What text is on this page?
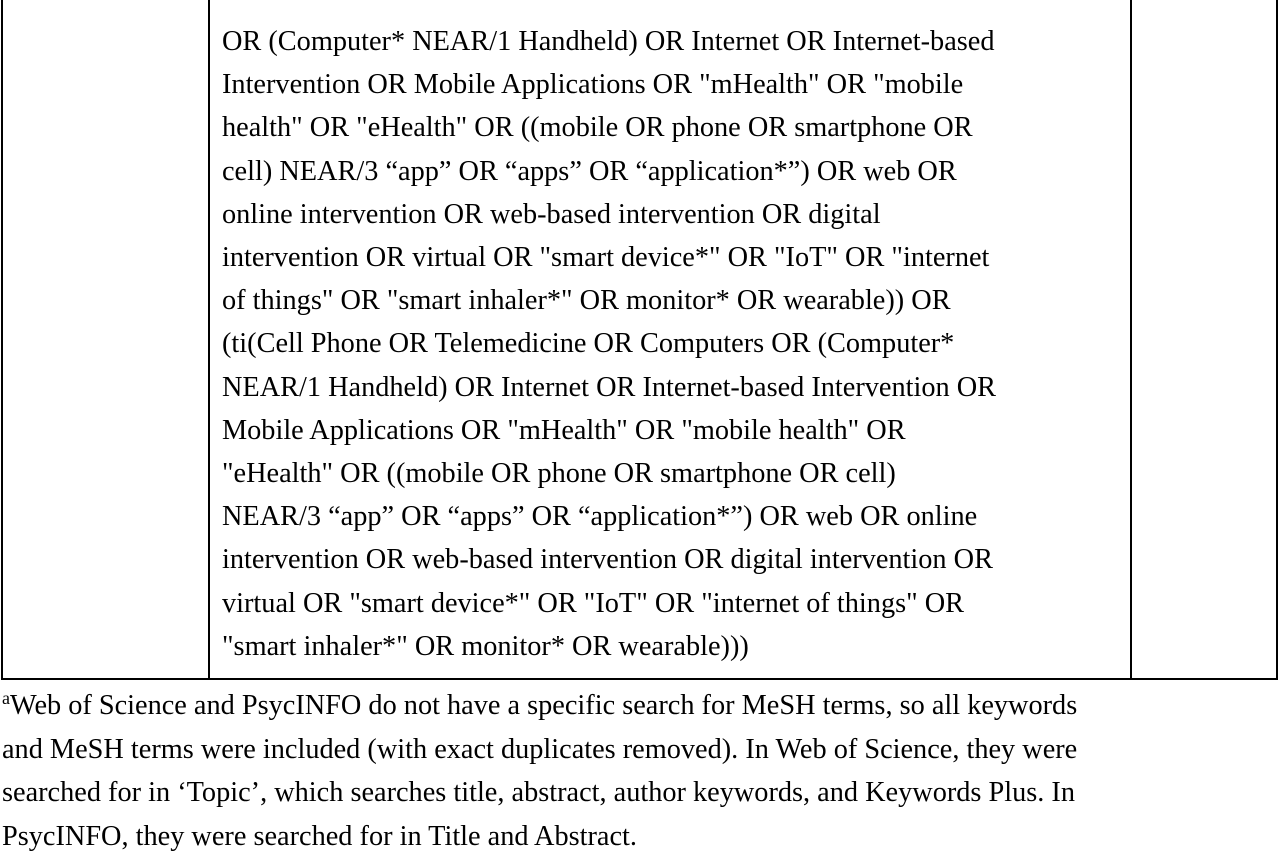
OR (Computer* NEAR/1 Handheld) OR Internet OR Internet-based
Intervention OR Mobile Applications OR "mHealth" OR "mobile
health" OR "eHealth" OR ((mobile OR phone OR smartphone OR
cell) NEAR/3 “app” OR “apps” OR “application*”) OR web OR
online intervention OR web-based intervention OR digital
intervention OR virtual OR "smart device*" OR "IoT" OR "internet
of things" OR "smart inhaler*" OR monitor* OR wearable)) OR
(ti(Cell Phone OR Telemedicine OR Computers OR (Computer*
NEAR/1 Handheld) OR Internet OR Internet-based Intervention OR
Mobile Applications OR "mHealth" OR "mobile health" OR
"eHealth" OR ((mobile OR phone OR smartphone OR cell)
NEAR/3 “app” OR “apps” OR “application*”) OR web OR online
intervention OR web-based intervention OR digital intervention OR
virtual OR "smart device*" OR "IoT" OR "internet of things" OR
"smart inhaler*" OR monitor* OR wearable)))
$^a$Web of Science and PsycINFO do not have a specific search for MeSH terms, so all keywords
and MeSH terms were included (with exact duplicates removed). In Web of Science, they were
searched for in ‘Topic’, which searches title, abstract, author keywords, and Keywords Plus. In
PsycINFO, they were searched for in Title and Abstract.
